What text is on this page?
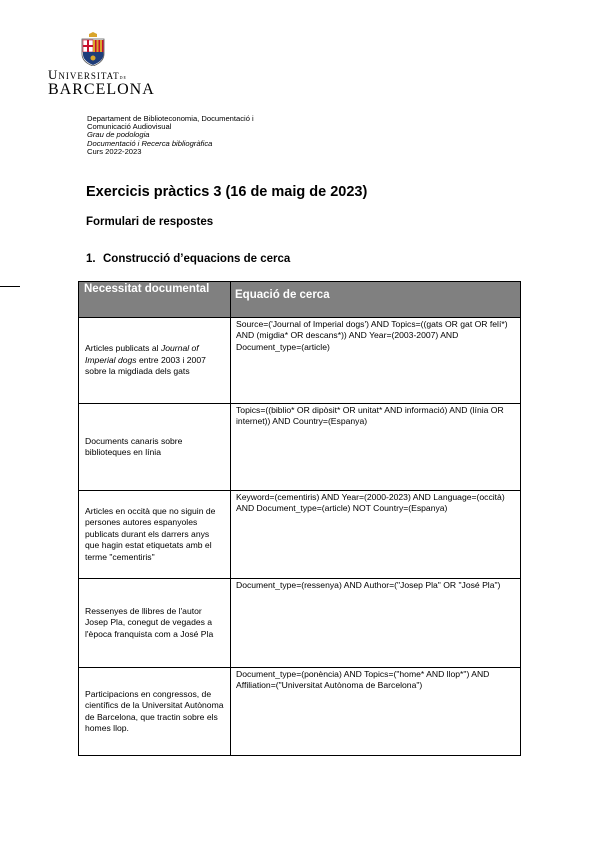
Universitatde
BARCELONA
Departament de Biblioteconomia, Documentació i
Comunicació Audiovisual
Grau de podologia
Documentació i Recerca bibliogràfica
Curs 2022-2023
Exercicis pràctics 3 (16 de maig de 2023)
Formulari de respostes
1. Construcció d’equacions de cerca
Necessitat documental	Equació de cerca
Articles publicats al Journal of Imperial dogs entre 2003 i 2007 sobre la migdiada dels gats	Source=('Journal of Imperial dogs') AND Topics=((gats OR gat OR felí*) AND (migdia* OR descans*)) AND Year=(2003-2007) AND Document_type=(article)
Documents canaris sobre biblioteques en línia	Topics=((biblio* OR dipòsit* OR unitat* AND informació) AND (línia OR internet)) AND Country=(Espanya)
Articles en occità que no siguin de persones autores espanyoles publicats durant els darrers anys que hagin estat etiquetats amb el terme "cementiris"	Keyword=(cementiris) AND Year=(2000-2023) AND Language=(occità) AND Document_type=(article) NOT Country=(Espanya)
Ressenyes de llibres de l'autor Josep Pla, conegut de vegades a l'època franquista com a José Pla	Document_type=(ressenya) AND Author=("Josep Pla" OR "José Pla")
Participacions en congressos, de científics de la Universitat Autònoma de Barcelona, que tractin sobre els homes llop.	Document_type=(ponència) AND Topics=("home* AND llop*") AND Affiliation=("Universitat Autònoma de Barcelona")
